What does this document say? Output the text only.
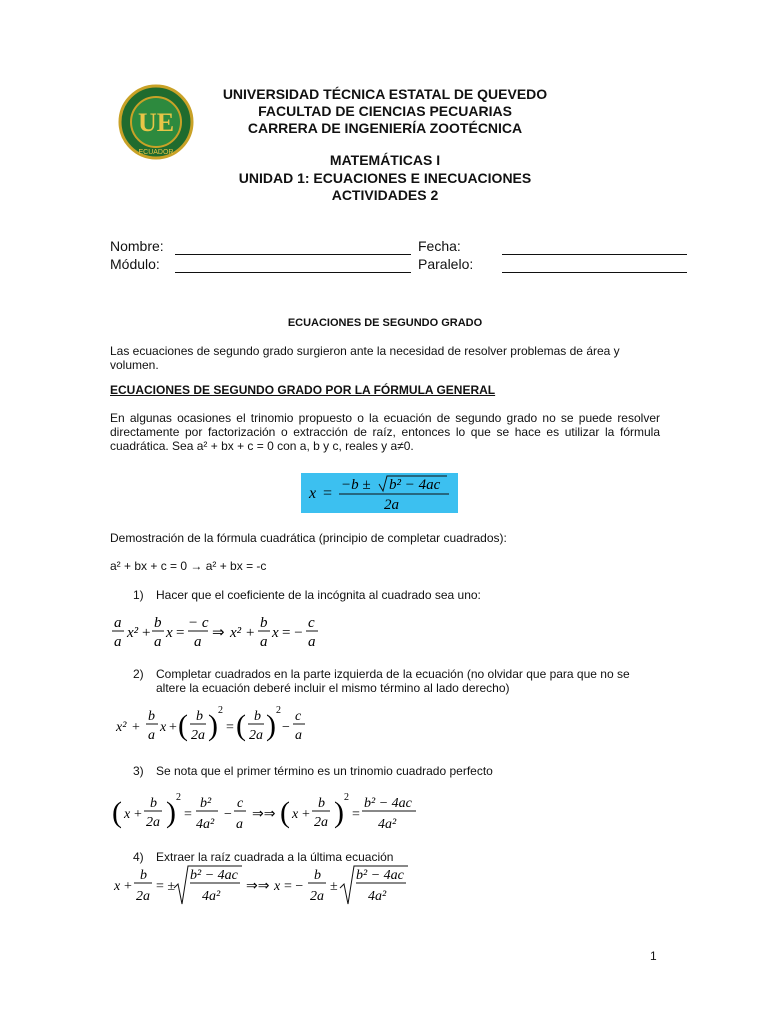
UE
ECUADOR
UNIVERSIDAD TÉCNICA ESTATAL DE QUEVEDO
FACULTAD DE CIENCIAS PECUARIAS
CARRERA DE INGENIERÍA ZOOTÉCNICA
MATEMÁTICAS I
UNIDAD 1: ECUACIONES E INECUACIONES
ACTIVIDADES 2
Nombre:	Fecha:
Módulo:	Paralelo:
ECUACIONES DE SEGUNDO GRADO
Las ecuaciones de segundo grado surgieron ante la necesidad de resolver problemas de área y volumen.
ECUACIONES DE SEGUNDO GRADO POR LA FÓRMULA GENERAL
En algunas ocasiones el trinomio propuesto o la ecuación de segundo grado no se puede resolver directamente por factorización o extracción de raíz, entonces lo que se hace es utilizar la fórmula cuadrática. Sea a² + bx + c = 0 con a, b y c, reales y a≠0.
x = −b ± b² − 4ac
2a
Demostración de la fórmula cuadrática (principio de completar cuadrados):
a² + bx + c = 0 → a² + bx = -c
1) Hacer que el coeficiente de la incógnita al cuadrado sea uno:
a
a
x² +
b
a
x =
− c
a
⇒ x² +
b
a
x = −
c
a
2) Completar cuadrados en la parte izquierda de la ecuación (no olvidar que para que no se altere la ecuación deberé incluir el mismo término al lado derecho)
x² +
b
a
x + ( b
2a ) 2
= ( b
2a ) 2
−
c
a
3) Se nota que el primer término es un trinomio cuadrado perfecto
( x +
b
2a ) 2
=
b²
4a²
−
c
a
⇒⇒ ( x +
b
2a ) 2
=
b² − 4ac
4a²
4) Extraer la raíz cuadrada a la última ecuación
x +
b
2a
= ±
b² − 4ac
4a²
⇒⇒ x = −
b
2a
±
b² − 4ac
4a²
1
